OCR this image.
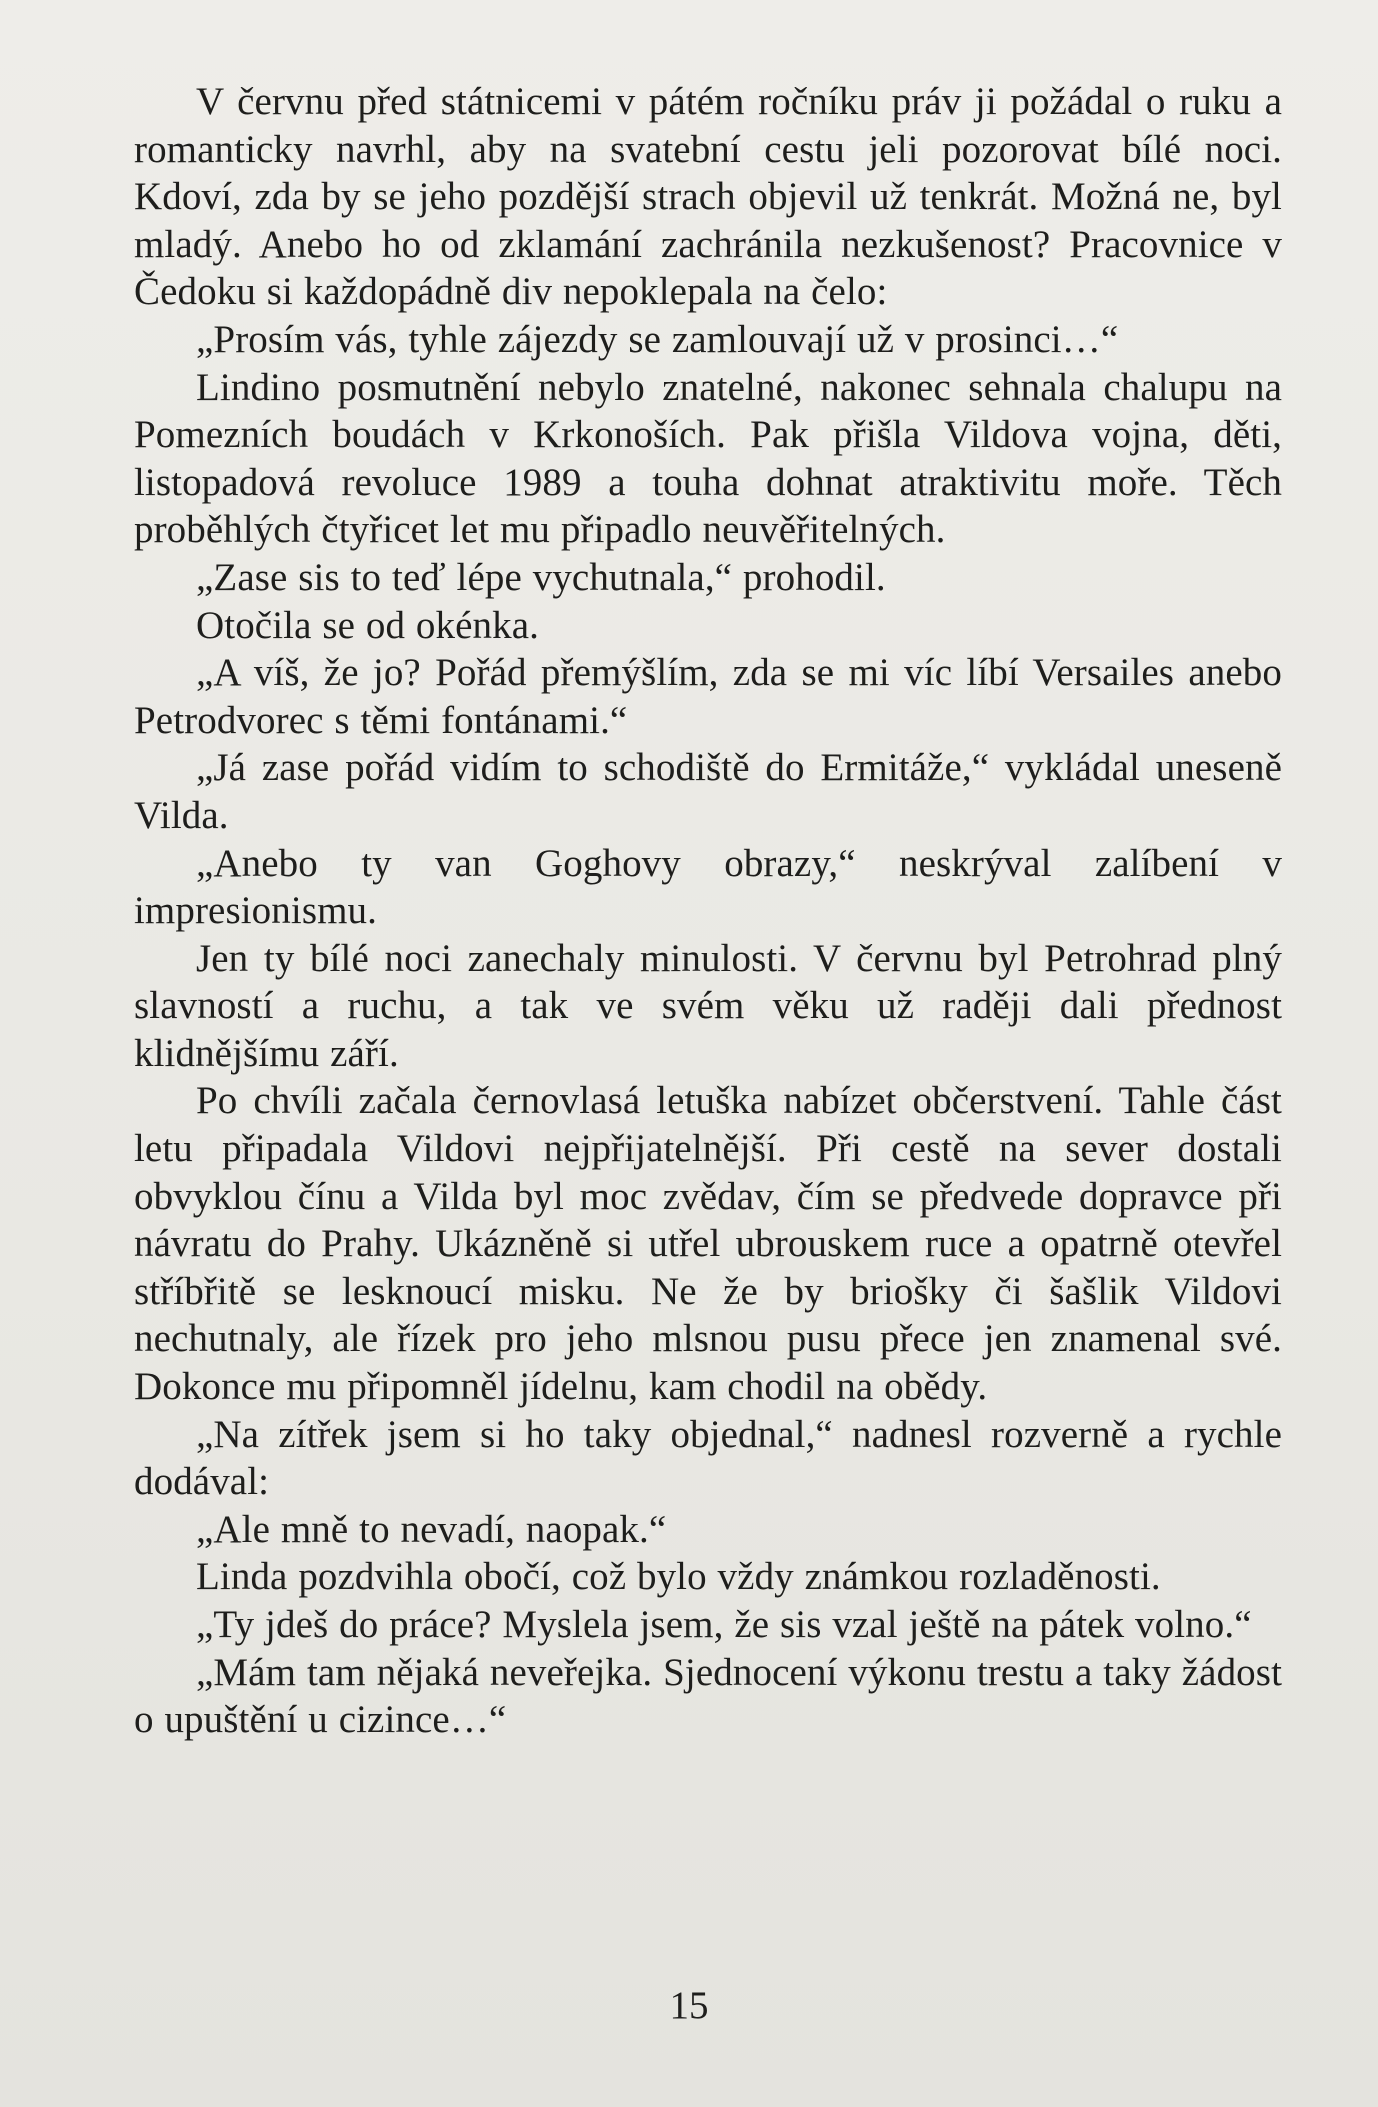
V červnu před státnicemi v pátém ročníku práv ji požádal o ruku a romanticky navrhl, aby na svatební cestu jeli pozorovat bílé noci. Kdoví, zda by se jeho pozdější strach objevil už tenkrát. Možná ne, byl mladý. Anebo ho od zklamání zachránila nezkušenost? Pracovnice v Čedoku si každopádně div nepoklepala na čelo:

„Prosím vás, tyhle zájezdy se zamlouvají už v prosinci…“

Lindino posmutnění nebylo znatelné, nakonec sehnala chalupu na Pomezních boudách v Krkonoších. Pak přišla Vildova vojna, děti, listopadová revoluce 1989 a touha dohnat atraktivitu moře. Těch proběhlých čtyřicet let mu připadlo neuvěřitelných.

„Zase sis to teď lépe vychutnala,“ prohodil.

Otočila se od okénka.

„A víš, že jo? Pořád přemýšlím, zda se mi víc líbí Versailes anebo Petrodvorec s těmi fontánami.“

„Já zase pořád vidím to schodiště do Ermitáže,“ vykládal uneseně Vilda.

„Anebo ty van Goghovy obrazy,“ neskrýval zalíbení v impresionismu.

Jen ty bílé noci zanechaly minulosti. V červnu byl Petrohrad plný slavností a ruchu, a tak ve svém věku už raději dali přednost klidnějšímu září.

Po chvíli začala černovlasá letuška nabízet občerstvení. Tahle část letu připadala Vildovi nejpřijatelnější. Při cestě na sever dostali obvyklou čínu a Vilda byl moc zvědav, čím se předvede dopravce při návratu do Prahy. Ukázněně si utřel ubrouskem ruce a opatrně otevřel stříbřitě se lesknoucí misku. Ne že by briošky či šašlik Vildovi nechutnaly, ale řízek pro jeho mlsnou pusu přece jen znamenal své. Dokonce mu připomněl jídelnu, kam chodil na obědy.

„Na zítřek jsem si ho taky objednal,“ nadnesl rozverně a rychle dodával:

„Ale mně to nevadí, naopak.“

Linda pozdvihla obočí, což bylo vždy známkou rozladěnosti.

„Ty jdeš do práce? Myslela jsem, že sis vzal ještě na pátek volno.“

„Mám tam nějaká neveřejka. Sjednocení výkonu trestu a taky žádost o upuštění u cizince…“

15
